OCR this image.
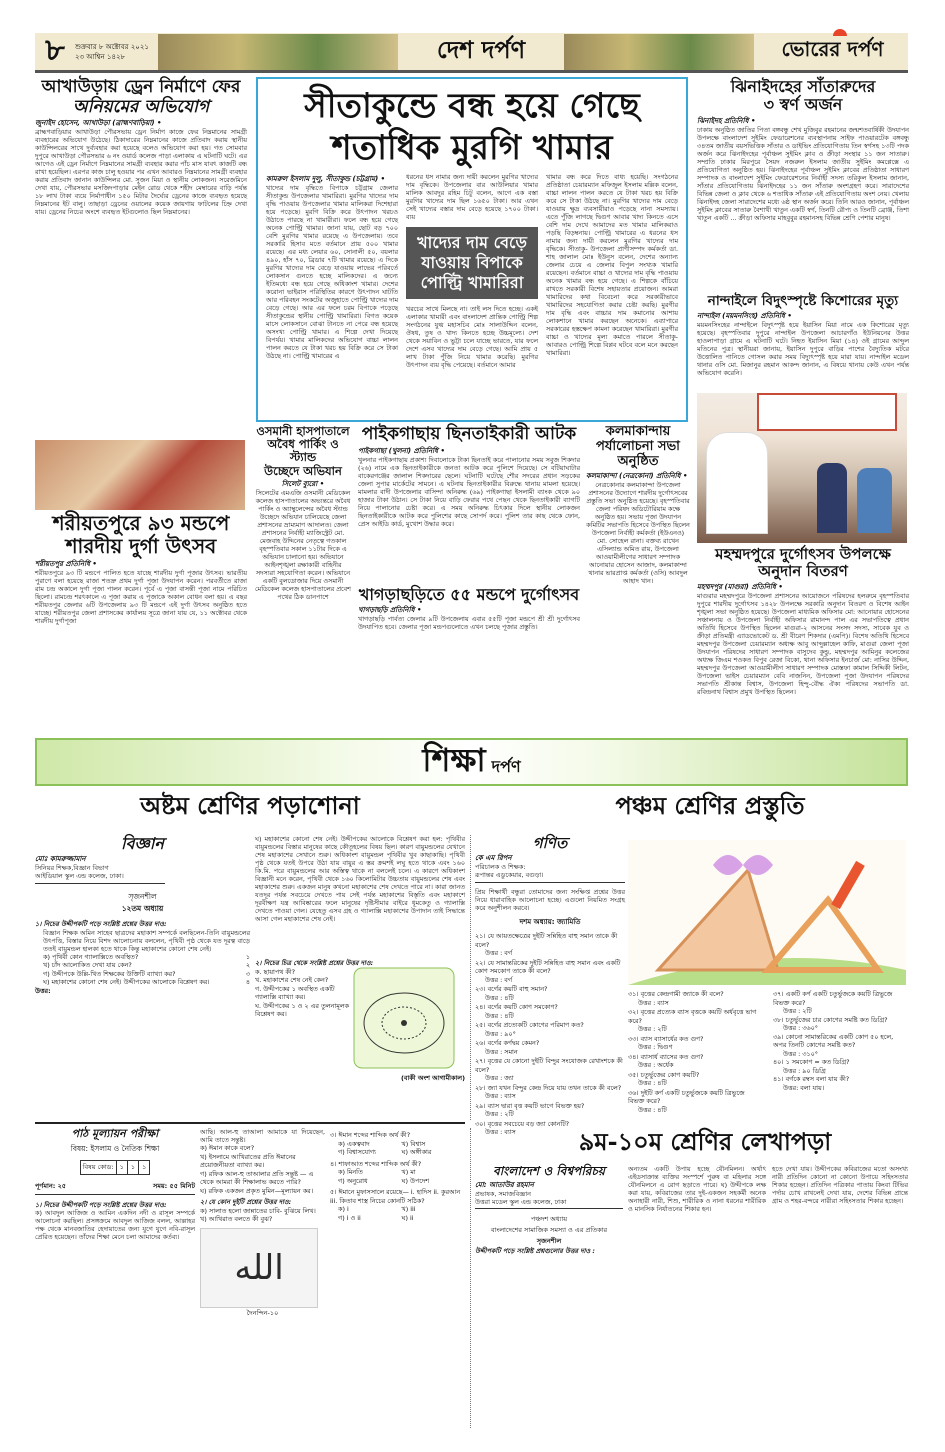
৮	শুক্রবার ৮ অক্টোবর ২০২১
২৩ আশ্বিন ১৪২৮	দেশ দর্পণ	ভোরের দর্পণ
আখাউড়ায় ড্রেন নির্মাণে ফের
অনিয়মের অভিযোগ
জুনাইদ হোসেন, আখাউড়া (ব্রাহ্মণবাড়িয়া) •
ব্রাহ্মণবাড়িয়ার আখাউড়া পৌরসভায় ড্রেন নির্মাণ কাজে ফের নিম্নমানের সামগ্রী ব্যবহারের অভিযোগ উঠেছে। ঠিকাদারের নিম্নমানের কাজে প্রতিবাদ করায় স্থানীয় কাউন্সিলরের সাথে দুর্ব্যবহার করা হয়েছে বলেও অভিযোগ করা হয়। গত সোমবার দুপুরে আখাউড়া পৌরসভার ৬ নং ওয়ার্ড কলেজ পাড়া এলাকায় এ ঘটনাটি ঘটে। এর আগেও এই ড্রেন নির্মাণে নিম্নমানের সামগ্রী ব্যবহার করার পাঁচ মাস যাবৎ কাজটি বন্ধ রাখা হয়েছিল। এরপর কাজ চালু হওয়ার পর এখন আবারও নিম্নমানের সামগ্রী ব্যবহার করায় প্রতিবাদ জানান কাউন্সিলর মো. সুজন মিয়া ও স্থানীয় লোকজন। সরেজমিনে দেখা যায়, পৌরসভার মসজিদপাড়ার মেইন রোড থেকে শহীদ মেম্বারের বাড়ি পর্যন্ত ১৮ লাখ টাকা ব্যয়ে নির্মাণাধীন ১৫০ মিটার দৈর্ঘ্যের ড্রেনের কাজে ব্যবহৃত হয়েছে নিম্নমানের ইট বালু। তাছাড়া ড্রেনের ওয়ালের কয়েক জায়গায় ফাটলের চিহ্ন দেখা যায়। ড্রেনের নিচের অংশে ব্যবহৃত ইটগুলোও ছিল নিম্নমানের।
শরীয়তপুরে ৯৩ মন্ডপে
শারদীয় দুর্গা উৎসব
শরীয়তপুর প্রতিনিধি •
শরীয়তপুরে ৯৩ টি মন্ডপে পালিত হতে যাচ্ছে শারদীয় দুর্গা পূজার উৎসব। ভারতীয় পুরাণে বলা হয়েছে রাজা শতদ্রু প্রথম দুর্গা পূজা উদযাপন করেন। পরবর্তীতে রাজা রাম চন্দ্র অকালে দুর্গা পূজা পালন করেন। পূর্বে এ পূজা বাসন্তী পূজা নামে পরিচিত ছিলো। রামচন্দ্র শরৎকালে এ পূজা করায় এ পূজাকে অকাল বোধন বলা হয়। এ বছর শরীয়তপুর জেলার ৬টি উপজেলায় ৯৩ টি মন্ডপে এই দুর্গা উৎসব অনুষ্ঠিত হতে যাচ্ছে। শরীয়তপুর জেলা প্রশাসকের কার্যালয় সূত্রে জানা যায় যে, ১১ অক্টোবর থেকে শারদীয় দুর্গাপূজা
সীতাকুন্ডে বন্ধ হয়ে গেছে
শতাধিক মুরগি খামার
কামরুল ইসলাম দুলু, সীতাকুন্ড (চট্টগ্রাম) •
খাদ্যের দাম বৃদ্ধিতে বিপাকে চট্টগ্রাম জেলার সীতাকুন্ড উপজেলার খামারিরা। মুরগির খাদ্যের দাম বৃদ্ধি পাওয়ায় উপজেলার খামার মালিকরা দিশেহারা হয়ে পড়েছে। মুরগি বিক্রি করে উৎপাদন খরচও উঠাতে পারছে না খামারীরা। ফলে বন্ধ হয়ে গেছে অনেক পোল্ট্রি খামার। জানা যায়, ছোট বড় ৭০০ বেশি মুরগির খামার রয়েছে এ উপজেলায়। তবে সরকারি হিসাব মতে বর্তমানে প্রায় ৫০০ খামার রয়েছে। এর মধ্য লেয়ার ৬০, সোনালী ৫০, বয়লার ৪৯০, হাঁস ৭০, ব্রিডার ৭টি খামার রয়েছে। এ দিকে মুরগির খাদ্যের দাম বেড়ে যাওয়ায় লাভের পরিবর্তে লোকসান গুনতে হচ্ছে মালিকদের। এ জন্যে ইতিমধ্যে বন্ধ হয়ে গেছে অধিকাংশ খামার। দেশের করোনা ভাইরাস পরিস্থিতির কারণে উৎপাদন ঘাটতি আর পরিবহন সংকটের অজুহাতে পোল্ট্রি খাদ্যের দাম বেড়ে গেছে। আর এর ফলে চরম বিপাকে পড়েছে সীতাকুন্ডের স্থানীয় পোল্ট্রি খামারিরা। বিগত কয়েক মাসে লোকসানে বোঝা টানতে না পেরে বন্ধ হয়েছে অসংখ্য পোল্ট্রি খামার। এ শিল্পে দেখা দিয়েছে বিপর্যয়। খামার মালিকদের অভিযোগ বাচ্চা লালন পালন করতে যে টাকা খরচ হয় বিক্রি করে সে টাকা উঠছে না। পোল্ট্রি খামারের এ
ধরনের ধস নামার জন্য দায়ী করলেন মুরগির খাদ্যের দাম বৃদ্ধিকে। উপজেলার বার আউলিয়ার খামার মালিক আবদুর রহিম চিটু বলেন, আগে এক বস্তা মুরগির খাদ্যের দাম ছিল ১৬৫০ টাকা। আর এখন সেই খাদ্যের বস্তার দাম বেড়ে হয়েছে ১৭০০ টাকা। ব্যয়
খাদ্যের দাম বেড়ে
যাওয়ায় বিপাকে
পোল্ট্রি খামারিরা
খরচের সাথে মিলছে না। তাই লস দিতে হচ্ছে। একই এলাকার খামারী এবং বাংলাদেশ প্রান্তিক পোল্ট্রি শিল্প সংগঠনের যুগ্ম মহাসচিব মোঃ সালাউদ্দিন বলেন, ঔষধ, তুষ ও খাদ্য কিনতে হচ্ছে উচ্চমূল্যে। দেশ থেকে সয়াবিন ও ভুট্টা চলে যাচ্ছে ভারতে, যার ফলে দেশে এসব খাদ্যের দাম বেড়ে গেছে। আমি প্রায় ৫ লাখ টাকা পুঁজি নিয়ে খামার করেছি। মুরগির উৎপাদন ব্যয় বৃদ্ধি পেয়েছে। বর্তমানে আমার
খামার বন্ধ করে দিতে বাধ্য হয়েছি। সংগঠনের প্রতিষ্ঠাতা চেয়ারম্যান মফিজুল ইসলাম মল্লিক বলেন, বাচ্চা লালন পালন করতে যে টাকা খরচ হয় বিক্রি করে সে টাকা উঠছে না। মুরগির খাদ্যের দাম বেড়ে যাওয়ায় ক্ষুদ্র ব্যবসায়ীরাও পড়েছে নানা সমস্যায়। এতে পুঁজি লাগছে দ্বিগুণ আবার খাদ্য কিনতে এসে বেশি দাম দেখে আমাদের মত খামার মালিকরাও পড়ছি বিড়ম্বনায়। পোল্ট্রি খামারের এ ধরনের ধস নামার জন্য দায়ী করলেন মুরগির খাদ্যের দাম বৃদ্ধিকে। সীতাকু- উপজেলা প্রাণীসম্পদ কর্মকর্তা ডা. শাহ জালাল মোঃ ইউনুস বলেন, দেশের অন্যান্য জেলার চেয়ে এ জেলার বিপুল সংখ্যক খামারি রয়েছেন। বর্তমানে বাচ্চা ও খাদ্যের দাম বৃদ্ধি পাওয়ায় অনেক খামার বন্ধ হয়ে গেছে। এ শিল্পকে বাঁচিয়ে রাখতে সরকারী বিশেষ সহায়তার প্রয়োজন। আমরা খামারিদের কথা বিবেচনা করে সরকারীভাবে খামারিদের সহযোগিতা করার চেষ্টা করছি। মুরগীর দাম বৃদ্ধি এবং বাচ্চার দাম কমানোর আশায় লোকশানে খামার করছেন অনেকে। এব্যাপারে সরকারের হস্তক্ষেপ কামনা করেছেন খামারিরা। মুরগীর বাচ্চা ও খাদ্যের মূল্য কমাতে পারলে সীতাকু- আবারও পোল্ট্রি শিল্পে বিপ্লব ঘটবে বলে মনে করছেন খামারিরা।
ওসমানী হাসপাতালে
অবৈধ পার্কিং ও স্ট্যান্ড
উচ্ছেদে অভিযান
সিলেট ব্যুরো •
সিলেটের এমএজি ওসমানী মেডিকেল কলেজ হাসপাতালের অভ্যন্তরে অবৈধ পার্কিং ও অ্যাম্বুলেন্সের অবৈধ স্ট্যান্ড উচ্ছেদে অভিযান চালিয়েছে জেলা প্রশাসনের ভ্রাম্যমাণ আদালত। জেলা প্রশাসনের নির্বাহী ম্যাজিস্ট্রেট মো. মেজবাহ উদ্দিনের নেতৃত্বে গতকাল বৃহস্পতিবার সকাল ১১টার দিকে এ অভিযান চালানো হয়। অভিযানে আইনশৃঙ্খলা রক্ষাকারী বাহিনীর সদস্যরা সহযোগিতা করেন। অভিযানে একটি বুলডোজার দিয়ে ওসমানী মেডিকেল কলেজ হাসপাতালের প্রবেশ পথের ঠিক ডানপাশে
পাইকগাছায় ছিনতাইকারী আটক
পাইকগাছা (খুলনা) প্রতিনিধি •
খুলনার পাইকগাছায় প্রকাশ্য দিবালোকে টাকা ছিনতাই করে পালানোর সময় সবুজ শিকদার (২৬) নামে এক ছিনতাইকারীকে জনতা আটক করে পুলিশে দিয়েছে। সে বটিয়াঘাটার বাকেরগঞ্জের জালাল শিকদারের ছেলে। ঘটনাটি ঘটেছে শৌর সদরের প্রধান সড়কের জেলা সুপার মার্কেটের সামনে। এ ঘটনায় ছিনতাইকারীর বিরুদ্ধে থানায় মামলা হয়েছে। মামলার বাদী উপজেলার বাসিন্দা অনিরুদ্ধ (৬৯) পাইকগাছা ইসলামী ব্যাংক থেকে ৯০ হাজার টাকা উঠান। সে টাকা নিয়ে বাড়ি ফেরার পথে পেছন থেকে ছিনতাইকারী ব্যাগটি নিয়ে পালানোর চেষ্টা করে। এ সময় অনিরুদ্ধ চিৎকার দিলে স্থানীয় লোকজন ছিনতাইকারীকে আটক করে পুলিশের কাছে সোপর্দ করে। পুলিশ তার কাছ থেকে ফোন, প্রেস আইডি কার্ড, মুখোশ উদ্ধার করে।
খাগড়াছড়িতে ৫৫ মন্ডপে দুর্গোৎসব
খাগড়াছড়ি প্রতিনিধি •
খাগড়াছড়ি পার্বত্য জেলার ৯টি উপজেলায় এবার ৫৫টি পূজা মন্ডপে শ্রী শ্রী দুর্গোৎসব উদযাপিত হবে। জেলার পূজা মন্ডপগুলোতে এখন চলছে পূজার প্রস্তুতি।
কলমাকান্দায়
পর্যালোচনা সভা
অনুষ্ঠিত
কলমাকান্দা (নেত্রকোনা) প্রতিনিধি •
নেত্রকোনার কলমাকান্দা উপজেলা প্রশাসনের উদ্যোগে শারদীয় দুর্গোৎসবের প্রস্তুতি সভা অনুষ্ঠিত হয়েছে। বৃহস্পতিবার জেলা পরিষদ অডিটোরিয়াম কক্ষে অনুষ্ঠিত হয়। সভায় পূজা উদযাপন কমিটির সভাপতি হিসেবে উপস্থিত ছিলেন উপজেলা নির্বাহী কর্মকর্তা (ইউএনও) মো. সোহেল রানা। বক্তব্য রাখেন এসিল্যান্ড অমিত রায়, উপজেলা আওয়ামীলীগের সাধারণ সম্পাদক আনোয়ার হোসেন আজাদ, কলমাকান্দা থানার ভারপ্রাপ্ত কর্মকর্তা (ওসি) আবদুল আহাদ খান।
ঝিনাইদহের সাঁতারুদের
৩ স্বর্ণ অর্জন
ঝিনাইদহ প্রতিনিধি •
ঢাকায় অনুষ্ঠিত জাতির পিতা বঙ্গবন্ধু শেখ মুজিবুর রহমানের জন্মশতবার্ষিকী উদযাপন উপলক্ষে বাংলাদেশ সুইমিং ফেডারেশনের ব্যবস্থাপনায় সাইফ পাওয়ারটেক বঙ্গবন্ধু ৩৪তম জাতীয় বয়সভিত্তিক সাঁতার ও ডাইভিং প্রতিযোগিতায় তিন স্বর্ণসহ ১৩টি পদক অর্জন করে ঝিনাইদহের পূর্বাঞ্চল সুইমিং ক্লাব ও ক্রীড়া সংস্থার ১১ জন সাতারু। সম্প্রতি ঢাকার মিরপুরে সৈয়দ নজরুল ইসলাম জাতীয় সুইমিং কমপ্লেক্সে এ প্রতিযোগিতা অনুষ্ঠিত হয়। ঝিনাইদহের পূর্বাঞ্চল সুইমিং ক্লাবের প্রতিষ্ঠাতা সাধারণ সম্পাদক ও বাংলাদেশ সুইমিং ফেডারেশনের নির্বাহী সদস্য তরিকুল ইসলাম জানান, সাঁতার প্রতিযোগিতায় ঝিনাইদহের ১১ জন সাঁতারু অংশগ্রহণ করে। সারাদেশের বিভিন্ন জেলা ও ক্লাব থেকে ৬ শতাধিক সাঁতারু এই প্রতিযোগিতায় অংশ নেয়। খেলায় ঝিনাইদহ জেলা সারাদেশের মধ্যে ৬ষ্ঠ স্থান অর্জন করে। তিনি আরও জানান, পূর্বাঞ্চল সুইমিং ক্লাবের সাতারু বৈশাখী খাতুন একটি স্বর্ণ, তিনটি রৌপ্য ও তিনটি ব্রোঞ্জ, তিশা খাতুন একটি ... ক্রীড়া অফিসার মাহবুবুর রহমানসহ বিভিন্ন শ্রেণি পেশার মানুষ।
নান্দাইলে বিদুৎস্পৃষ্টে কিশোরের মৃত্যু
নান্দাইল (ময়মনসিংহ) প্রতিনিধি •
ময়মনসিংহের নান্দাইলে বিদুৎস্পৃষ্ট হয়ে ইয়াসিন মিয়া নামে এক কিশোরের মৃত্যু হয়েছে। বৃহস্পতিবার দুপুরে নান্দাইল উপজেলা আচারগাঁও ইউনিয়নের উত্তর হাওলাপাড়া গ্রামে এ ঘটনাটি ঘটে। নিহত ইয়াসিন মিয়া (১৪) ওই গ্রামের আব্দুল মতিনের পুত্র। স্থানীয়রা জানায়, ইয়াসিন দুপুরে বাড়ির পাশের বৈদ্যুতিক মটরে উত্তোলিত পানিতে গোসল করার সময় বিদ্যুৎস্পৃষ্ট হয়ে মারা যায়। নান্দাইল মডেল থানার ওসি মো. মিজানুর রহমান আকন্দ জানান, এ বিষয়ে থানায় কেউ এখন পর্যন্ত অভিযোগ করেনি।
মহম্মদপুরে দুর্গোৎসব উপলক্ষে
অনুদান বিতরণ
মহম্মদপুর (মাগুরা) প্রতিনিধি •
মাগুরার মহম্মদপুরে উপজেলা প্রশাসনের আয়োজনে পরিষদের হলরুমে বৃহস্পতিবার দুপুরে শারদীয় দুর্গোৎসব ১৪২৮ উপলক্ষে সরকারি অনুদান বিতরণ ও বিশেষ আইন শৃঙ্খলা সভা অনুষ্ঠিত হয়েছে। উপজেলা মাধ্যমিক অফিসার মো: আনোয়ার হোসেনের সঞ্চালনায় ও উপজেলা নির্বাহী অফিসার রামানন্দ পাল এর সভাপতিত্বে প্রধান অতিথি হিসেবে উপস্থিত ছিলেন মাগুরা-২ আসনের সংসদ সদস্য, সাবেক যুব ও ক্রীড়া প্রতিমন্ত্রী এ্যাডভোকেট ড. শ্রী বীরেণ শিকদার (এমপি)। বিশেষ অতিথি হিসেবে মহম্মদপুর উপজেলা চেয়ারম্যান অধ্যক্ষ আবু আব্দুল্লাহেল কাফি, মাগুরা জেলা পূজা উদযাপন পরিষদের সাধারণ সম্পাদক বাসুদেব কুন্ডু, মহম্মদপুর আমিনুর কলেজের অধ্যক্ষ জিএম শওকত বিপুব রেজা বিকো, থানা অফিসার ইনচার্জ মো: নাসির উদ্দিন, মহম্মদপুর উপজেলা আওয়ামীলীগ সাধারণ সম্পাদক মোস্তফা কামাল সিদ্দিকী লিটন, উপজেলা ভাইস চেয়ারম্যান বেবি নাজনিন, উপজেলা পূজা উদযাপন পরিষদের সভাপতি শ্রীকান্ত বিশ্বাস, উপজেলা হিন্দু-বৌদ্ধ ঐক্য পরিষদের সভাপতি ডা. রবিন্দ্রনাথ বিশ্বাস প্রমুখ উপস্থিত ছিলেন।
শিক্ষা দর্পণ
অষ্টম শ্রেণির পড়াশোনা	পঞ্চম শ্রেণির প্রস্তুতি
বিজ্ঞান
মোঃ কামরুজ্জামান
সিনিয়র শিক্ষক,বিজ্ঞান বিভাগ
আইডিয়াল স্কুল এন্ড কলেজ, ঢাকা।
সৃজনশীল
১২তম অধ্যায়
১। নিচের উদ্দীপকটি পড়ে সংশ্লিষ্ট প্রশ্নের উত্তর দাও:
বিজ্ঞান শিক্ষক অমিন সাহেব ছাত্রদের মহাকাশ সম্পর্কে বলছিলেন-তিনি বায়ুমন্ডলের উৎপত্তি, বিস্তার নিয়ে বিশদ আলোচনায় বললেন, পৃথিবী পৃষ্ঠ থেকে যত দূরত্ব বাড়ে ততই বায়ুমন্ডল হালকা হতে থাকে কিন্তু মহাকাশের কোনো শেষ নেই।
ক) পৃথিবী কোন গ্যালাক্সিতে অবস্থিত?	১
খ) চাঁদ আলোকিত দেখা যায় কেন?	২
গ) উদ্দীপকে উল্লি-খিত শিক্ষকের উক্তিটি ব্যাখ্যা কর?	৩
ঘ) মহাকাশের কোনো শেষ নেই। উদ্দীপকের আলোকে বিশ্লেষণ কর।	৪
উত্তর:
ঘ) মহাকাশের কোনো শেষ নেই। উদ্দীপকের আলোকে বিশ্লেষণ করা হল: পৃথিবীর বায়ুমন্ডলের বিস্তার মানুষের কাছে কৌতূহলের বিষয় ছিল। কারণ বায়ুমন্ডলের যেখানে শেষ মহাকাশের সেখানে শুরু। অধিকাংশ বায়ুমন্ডল পৃথিবীর খুব কাছাকাছি। পৃথিবী পৃষ্ঠ থেকে যতই উপরে উঠা যায় বায়ুর এ স্তর ক্রমশই লঘু হতে থাকে এবং ১৬০ কি.মি. পরে বায়ুমন্ডলের আর অস্তিত্ব থাকে না বললেই চলে। এ কারণে অধিকাংশ বিজ্ঞানী মনে করেন, পৃথিবী থেকে ১৬০ কিলোমিটার উচ্চতায় বায়ুমন্ডলের শেষ এবং মহাকাশের শুরু। একজন মানুষ কখনো মহাকাশের শেষ দেখতে পারে না। কারা জানত যতদূর পর্যন্ত সবচেয়ে দেখতে পায় সেই পর্যন্ত মহাকাশের বিস্তৃতি এবং মহাকাশে দূরবীক্ষণ যন্ত্র আবিষ্কারের ফলে মানুষের দৃষ্টিসীমার বাইরে ধূমকেতু ও গ্যালাক্সি দেখতে পাওয়া গেল। যেহেতু এসব গ্রহ ও গ্যালাক্সি মহাকাশের উপাদান তাই সিদ্ধান্তে আসা গেল মহাকাশের শেষ নেই।
২। নিচের চিত্র থেকে সংশ্লিষ্ট প্রশ্নের উত্তর দাও:
ক. ছায়াপথ কী?
খ. মহাকাশের শেষ নেই কেন?
গ. উদ্দীপকের ১ অবস্থিত একটি গ্যালাক্সি ব্যাখ্যা কর।
ঘ. উদ্দীপকের ১ ও ২ এর তুলনামূলক বিশ্লেষণ কর।
(বাকী অংশ আগামীকাল)
গণিত
কে এম রিপন
পরিচালক ও শিক্ষক:
রূপান্তর এডুকেয়ার, বগুড়া।
প্রিয় শিক্ষার্থী বন্ধুরা তোমাদের জন্য সংক্ষিপ্ত প্রশ্নের উত্তর নিয়ে ধারাবাহিক আলোচনা হচ্ছে। এগুলো নিয়মিত সংগ্রহ করে অনুশীলন করবে।
দশম অধ্যায়: জ্যামিতি
২১। যে আয়তক্ষেত্রের দুইটি সন্নিহিত বাহু সমান তাকে কী বলে?
উত্তর : বর্গ
২২। যে সামান্তরিকের দুইটি সন্নিহিত বাহু সমান এবং একটি কোণ সমকোণ তাকে কী বলে?
উত্তর : বর্গ
২৩। বর্গের কয়টি বাহু সমান?
উত্তর : ৪টি
২৪। বর্গের কয়টি কোণ সমকোণ?
উত্তর : ৪টি
২৫। বর্গের প্রত্যেকটি কোণের পরিমাণ কত?
উত্তর : ৯০°
২৬। বর্গের কর্ণদ্বয় কেমন?
উত্তর : সমান
২৭। বৃত্তের যে কোনো দুইটি বিন্দুর সংযোজক রেখাংশকে কী বলে?
উত্তর : জ্যা
২৮। জ্যা যখন বিন্দুর কেন্দ্র দিয়ে যায় তখন তাকে কী বলে?
উত্তর : ব্যাস
২৯। ব্যাস দ্বারা বৃত্ত কয়টি ভাগে বিভক্ত হয়?
উত্তর : ২টি
৩০। বৃত্তের সবচেয়ে বড় জ্যা কোনটি?
উত্তর : ব্যাস
৩১। বৃত্তের কেন্দ্রগামী জ্যাকে কী বলে?
উত্তর : ব্যাস
৩২। বৃত্তের প্রত্যেক ব্যাস বৃত্তকে কয়টি অর্ধবৃত্তে ভাগ করে?
উত্তর : ২টি
৩৩। ব্যাস ব্যাসার্ধের কত গুণ?
উত্তর : দ্বিগুণ
৩৪। ব্যাসার্ধ ব্যাসের কত গুণ?
উত্তর : অর্ধেক
৩৫। চতুর্ভুজের কোণ কয়টি?
উত্তর : ৪টি
৩৬। দুইটি কর্ণ একটি চতুর্ভুজকে কয়টি ত্রিভুজে বিভক্ত করে?
উত্তর : ৪টি
৩৭। একটি কর্ণ একটি চতুর্ভুজকে কয়টি ত্রিভুজে বিভক্ত করে?
উত্তর : ২টি
৩৮। চতুর্ভুজের চার কোণের সমষ্টি কত ডিগ্রি?
উত্তর : ৩৬০°
৩৯। কোনো সামান্তরিকের একটি কোণ ৫০ হলে, অপর তিনটি কোণের সমষ্টি কত?
উত্তর : ৩১০°
৪০। ১ সমকোণ = কত ডিগ্রি?
উত্তর : ৯০ ডিগ্রি
৪১। বর্গকে রম্বস বলা যায় কী?
উত্তর: বলা যায়।
পাঠ মূল্যায়ন পরীক্ষা
বিষয়: ইসলাম ও নৈতিক শিক্ষা
বিষয় কোড: ১	১	১
পূর্ণমান: ২৫	সময়: ৫৫ মিনিট
১। নিচের উদ্দীপকটি পড়ে সংশ্লিষ্ট প্রশ্নের উত্তর দাও:
ক) আবদুল আজিজ ও আমিন একদিন নদী ও রাসূল সম্পর্কে আলোচনা করছিল। প্রসঙ্গক্রমে আবদুল আজিজ বলল, আল্লাহর পক্ষ থেকে মানবজাতির হেদায়াতের জন্য যুগে যুগে নবি-রাসূল প্রেরিত হয়েছেন। তাঁদের শিক্ষা মেনে চলা আমাদের কর্তব্য।
আছি। আল-হু তাআলা আমাকে যা দিয়েছেন, আমি তাতে সন্তুষ্ট।
ক) ঈমান কাকে বলে?
খ) ইসলামে আখিরাতের প্রতি ঈমানের প্রয়োজনীয়তা ব্যাখ্যা কর।
গ) রফিক আল-হু তাআলার প্রতি সন্তুষ্ট — এ থেকে আমরা কী শিক্ষালাভ করতে পারি?
ঘ) রফিক একজন প্রকৃত মুমিন—মূল্যায়ন কর।
২। যে কোন দুইটি প্রশ্নের উত্তর দাও:
ক) সালাত হলো জান্নাতের চাবি- বুঝিয়ে লিখ।
খ) আখিরাত বলতে কী বুঝ?
الله
দৈনন্দিন-১০
৩। ঈমান শব্দের শাব্দিক অর্থ কী?
ক) একত্ববাদ	খ) বিশ্বাস
গ) বিশ্বাসযোগ্য	ঘ) অঙ্গীকার
৪। শাফাআত শব্দের শাব্দিক অর্থ কী?
ক) মিনতি	খ) মা
গ) অনুরোধ	ঘ) উপদেশ
৫। ঈমানে মুফাসসালে রয়েছে— i. হাদিস ii. কুরআন iii. কিতাব শাস্ত্র নিচের কোনটি সঠিক?
ক) i	খ) iii
গ) i ও ii	ঘ) ii
৯ম-১০ম শ্রেণির লেখাপড়া
বাংলাদেশ ও বিশ্বপরিচয়
মো: আতাউর রহমান
প্রভাষক, সমাজবিজ্ঞান
উত্তরা মডেল স্কুল এন্ড কলেজ, ঢাকা
পঞ্চদশ অধ্যায়
বাংলাদেশের সামাজিক সমস্যা ও এর প্রতিকার
সৃজনশীল
উদ্দীপকটি পড়ে সংশ্লিষ্ট প্রশ্নগুলোর উত্তর দাও :
অন্যতম একটি উপায় হচ্ছে যৌনমিলন। অর্থাৎ এইডসাক্রান্ত ব্যক্তির সংস্পর্শে পুরুষ বা মহিলার সঙ্গে যৌনমিলনে এ রোগ ছড়াতে পারে। ঘ) উদ্দীপকে লক্ষ করা যায়, কবিরাজের তার দুই-একজন সহকর্মী অনেক অনাহারী নারী, শিশু, শারীরিক ও নানা ধরনের শারীরিক ও মানসিক নির্যাতনের শিকার হন।
হতে দেখা যায়। উদ্দীপকের কবিরাজের মতো অসংখ্য নারী প্রতিদিন কোনো না কোনো উপায়ে সহিংসতার শিকার হচ্ছেন। প্রতিদিন পত্রিকার পাতায় কিংবা টিভির পর্দায় চোখ রাখলেই দেখা যায়, দেশের বিভিন্ন প্রান্তে গ্রাম ও শহর-বন্দরে নারীরা সহিংসতার শিকার হচ্ছেন।
